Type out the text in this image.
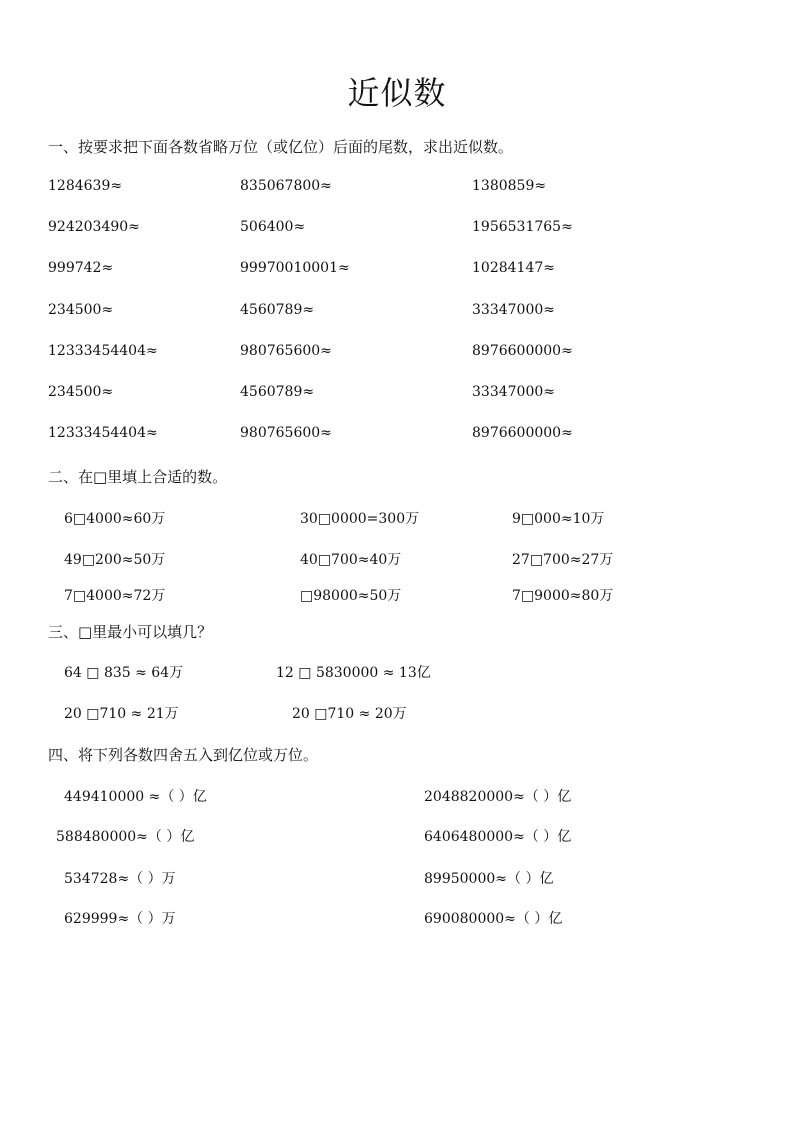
近似数
一、按要求把下面各数省略万位（或亿位）后面的尾数，求出近似数。
1284639≈	835067800≈	1380859≈
924203490≈	506400≈	1956531765≈
999742≈	99970010001≈	10284147≈
234500≈	4560789≈	33347000≈
12333454404≈	980765600≈	8976600000≈
234500≈	4560789≈	33347000≈
12333454404≈	980765600≈	8976600000≈
二、在□里填上合适的数。
6□4000≈60万	30□0000=300万	9□000≈10万
49□200≈50万	40□700≈40万	27□700≈27万
7□4000≈72万	□98000≈50万	7□9000≈80万
三、□里最小可以填几？
64 □ 835 ≈ 64万	12 □ 5830000 ≈ 13亿
20 □710 ≈ 21万	20 □710 ≈ 20万
四、将下列各数四舍五入到亿位或万位。
449410000 ≈（ ）亿	2048820000≈（ ）亿
588480000≈（ ）亿	6406480000≈（ ）亿
534728≈（ ）万	89950000≈（ ）亿
629999≈（ ）万	690080000≈（ ）亿
